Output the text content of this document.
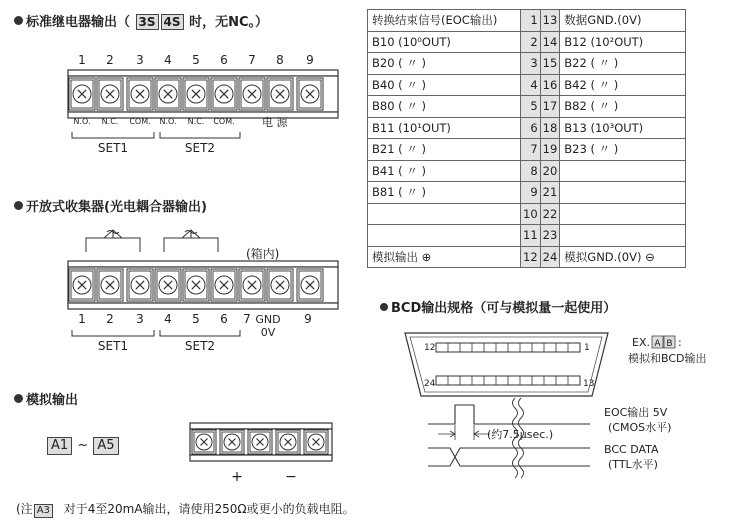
标准继电器输出（ 3S 4S 时，无NC。）
1 2 3 4 5 6 7 8 9
N.O. N.C. COM. N.O. N.C. COM. 电 源
SET1	SET2
开放式收集器(光电耦合器输出)
(箱内)
1 2 3 4 5 6 7	9
GND
0V
SET1	SET2
模拟输出
A1 ~ A5
+	−
转换结束信号(EOC输出)	1	13	数据GND.(0V)
B10 (10⁰OUT)	2	14	B12 (10²OUT)
B20 ( 〃 )	3	15	B22 ( 〃 )
B40 ( 〃 )	4	16	B42 ( 〃 )
B80 ( 〃 )	5	17	B82 ( 〃 )
B11 (10¹OUT)	6	18	B13 (10³OUT)
B21 ( 〃 )	7	19	B23 ( 〃 )
B41 ( 〃 )	8	20	
B81 ( 〃 )	9	21	
	10	22	
	11	23	
模拟输出 ⊕	12	24	模拟GND.(0V) ⊖
BCD输出规格（可与模拟量一起使用）
12	1
24	13
EX. A B :
模拟和BCD输出
(约7.5μsec.)
EOC输出 5V
(CMOS水平)
BCC DATA
(TTL水平)
(注 A3 对于4至20mA输出，请使用250Ω或更小的负载电阻。
